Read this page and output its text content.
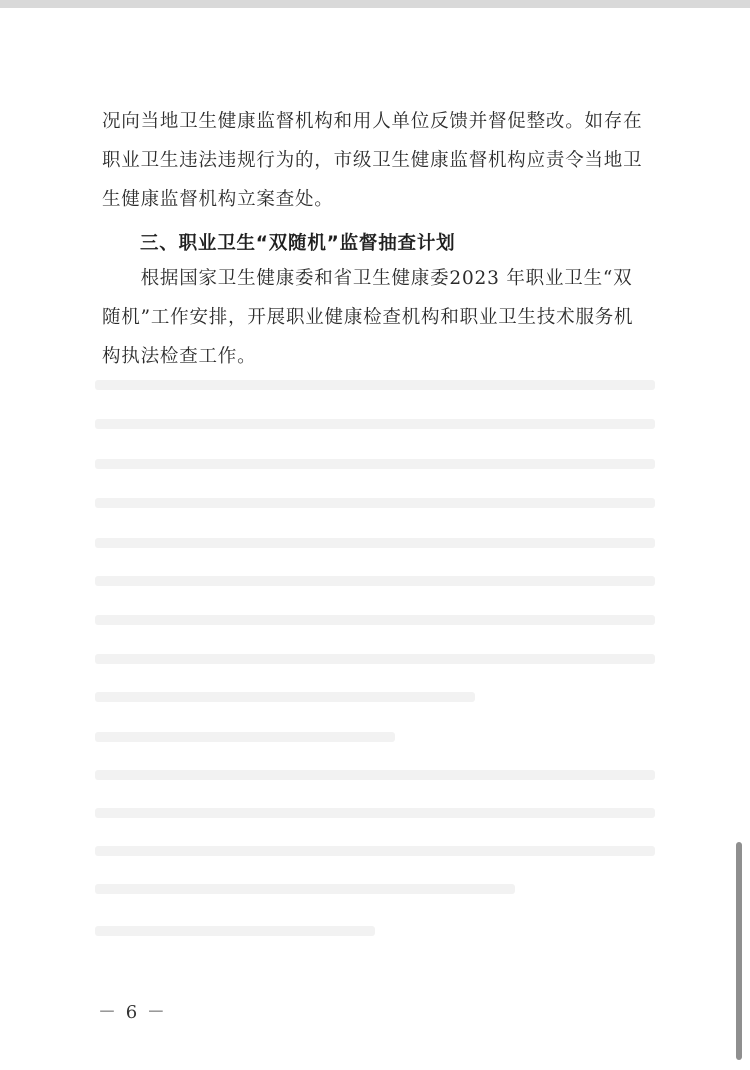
况向当地卫生健康监督机构和用人单位反馈并督促整改。如存在
职业卫生违法违规行为的，市级卫生健康监督机构应责令当地卫
生健康监督机构立案查处。
三、职业卫生“双随机”监督抽查计划
　　根据国家卫生健康委和省卫生健康委2023 年职业卫生“双
随机”工作安排，开展职业健康检查机构和职业卫生技术服务机
构执法检查工作。
－ 6 －
